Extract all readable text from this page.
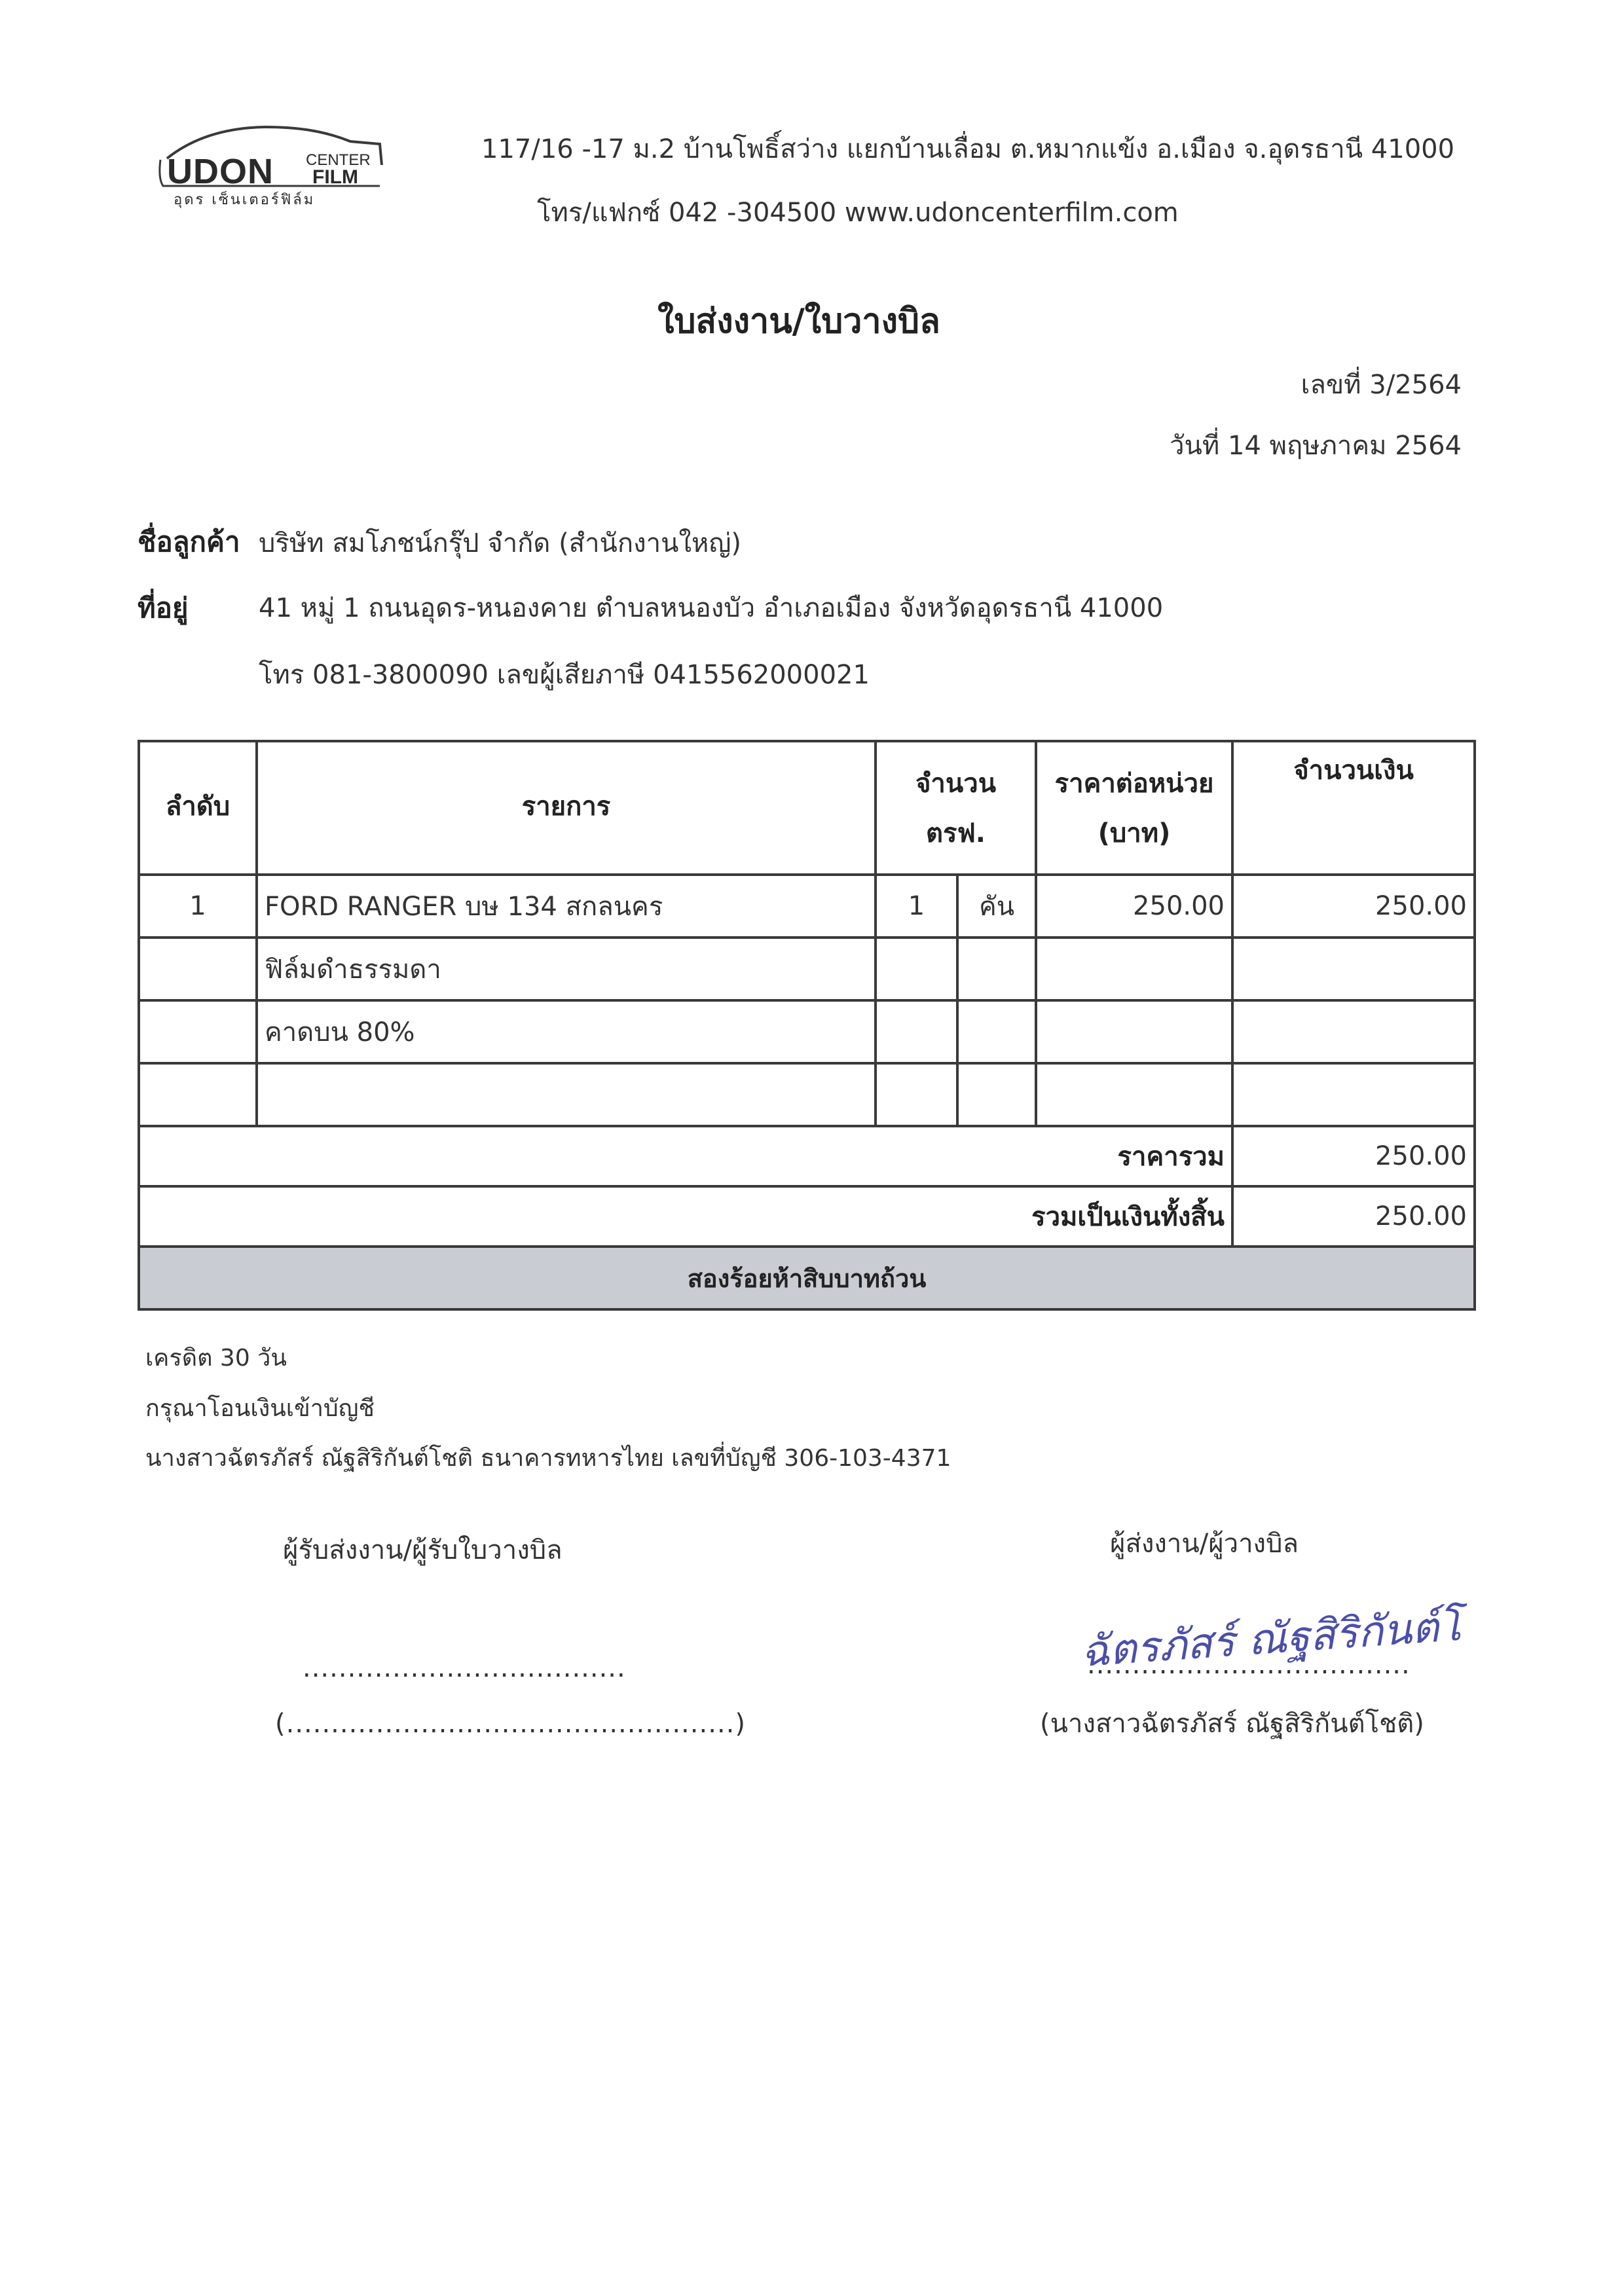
UDON CENTER
FILM
อุดร เซ็นเตอร์ฟิล์ม
117/16 -17 ม.2 บ้านโพธิ์สว่าง แยกบ้านเลื่อม ต.หมากแข้ง อ.เมือง จ.อุดรธานี 41000
โทร/แฟกซ์ 042 -304500 www.udoncenterfilm.com
ใบส่งงาน/ใบวางบิล
เลขที่ 3/2564
วันที่ 14 พฤษภาคม 2564
ชื่อลูกค้า บริษัท สมโภชน์กรุ๊ป จำกัด (สำนักงานใหญ่)
ที่อยู่	41 หมู่ 1 ถนนอุดร-หนองคาย ตำบลหนองบัว อำเภอเมือง จังหวัดอุดรธานี 41000
โทร 081-3800090 เลขผู้เสียภาษี 0415562000021
ลำดับ	รายการ	จำนวน		ราคาต่อหน่วย	จำนวนเงิน
		ตรฟ.		(บาท)	
1	FORD RANGER บษ 134 สกลนคร	1	คัน	250.00	250.00
	ฟิล์มดำธรรมดา				
	คาดบน 80%				

ราคารวม					250.00
รวมเป็นเงินทั้งสิ้น					250.00
สองร้อยห้าสิบบาทถ้วน					
เครดิต 30 วัน
กรุณาโอนเงินเข้าบัญชี
นางสาวฉัตรภัสร์ ณัฐสิริกันต์โชติ ธนาคารทหารไทย เลขที่บัญชี 306-103-4371
ผู้รับส่งงาน/ผู้รับใบวางบิล
....................................
(..................................................)
ผู้ส่งงาน/ผู้วางบิล
ฉัตรภัสร์ ณัฐสิริกันต์โชติ
....................................
(นางสาวฉัตรภัสร์ ณัฐสิริกันต์โชติ)
